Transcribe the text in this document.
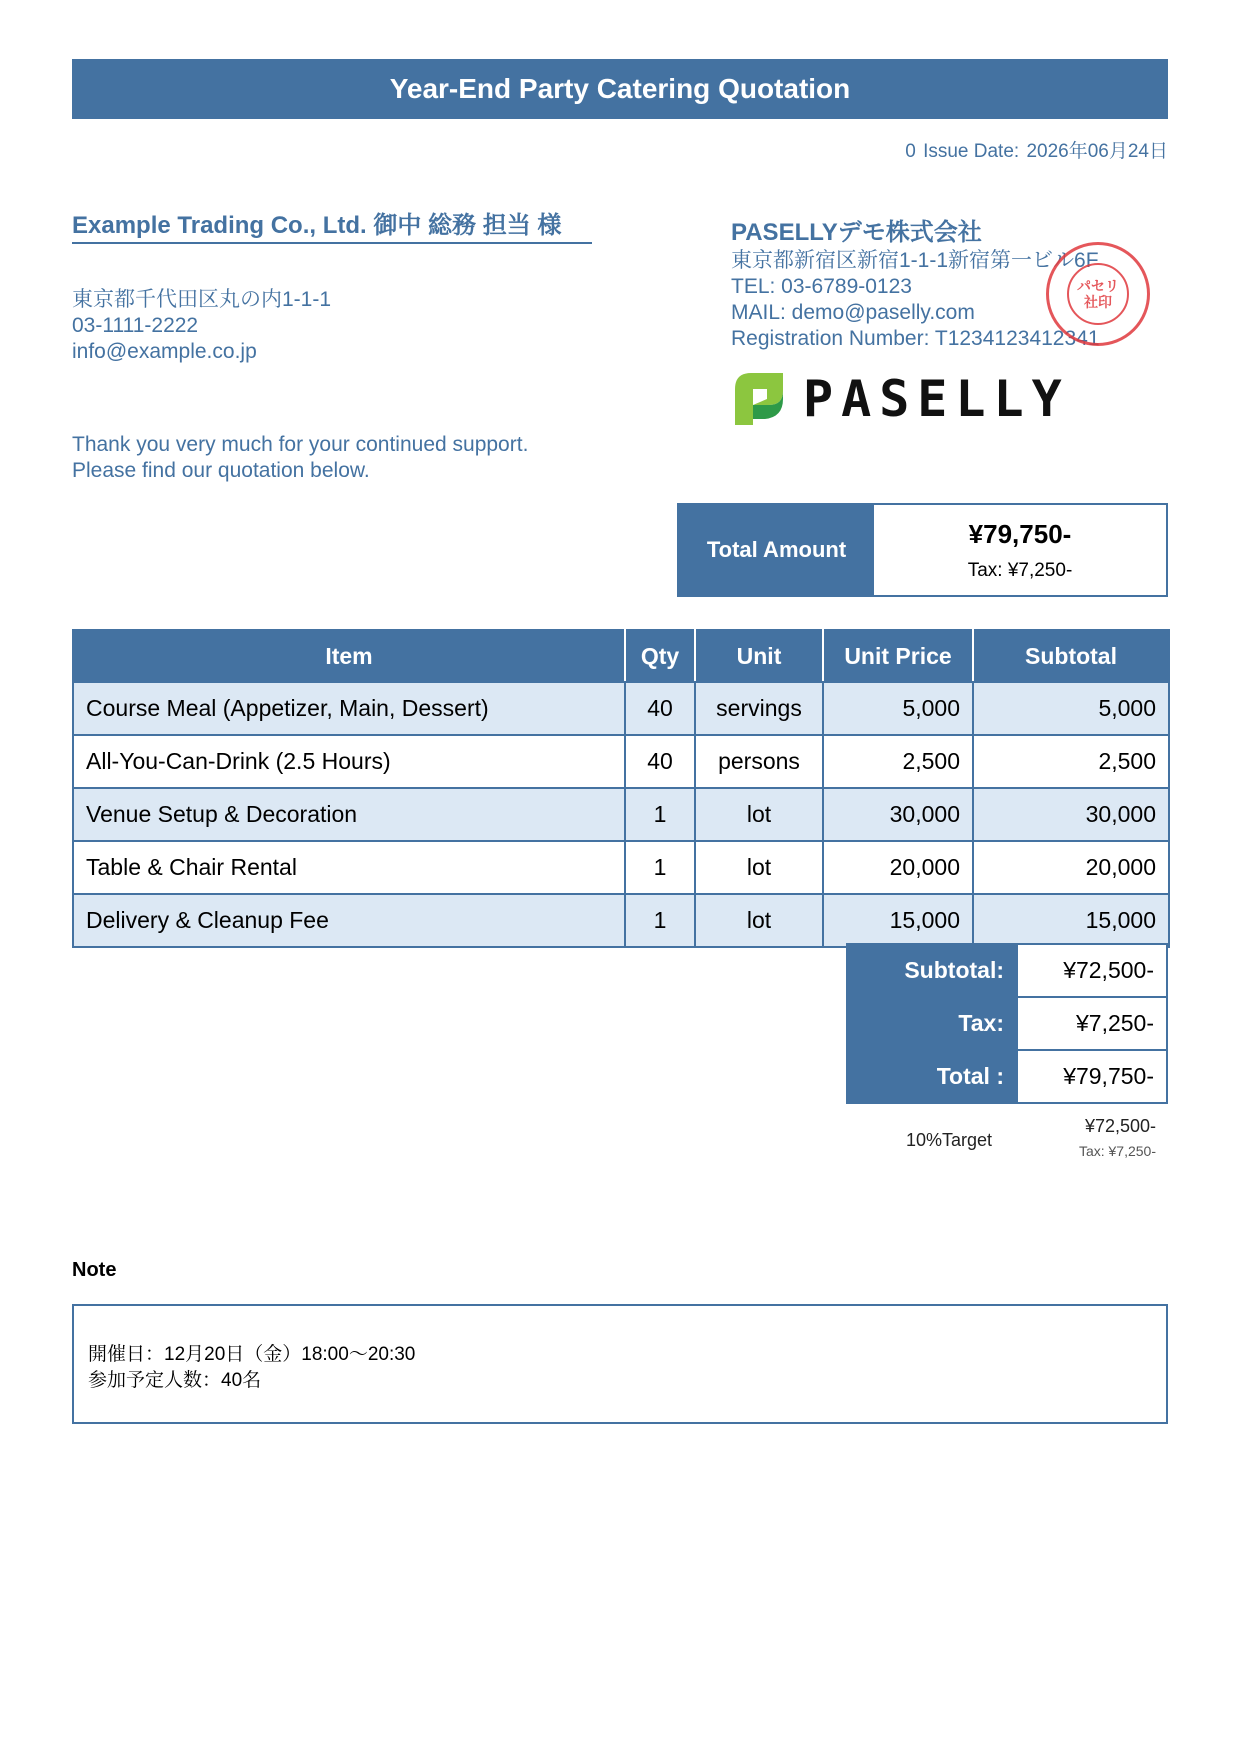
Year-End Party Catering Quotation
0 Issue Date: 2026年06月24日
Example Trading Co., Ltd. 御中 総務 担当 様
東京都千代田区丸の内1-1-1
03-1111-2222
info@example.co.jp
Thank you very much for your continued support.
Please find our quotation below.
PASELLYデモ株式会社
東京都新宿区新宿1-1-1新宿第一ビル6F
TEL: 03-6789-0123
MAIL: demo@paselly.com
Registration Number: T1234123412341
パセリ
社印
PASELLY
Total Amount
¥79,750-
Tax: ¥7,250-
Item	Qty	Unit	Unit Price	Subtotal
Course Meal (Appetizer, Main, Dessert)	40	servings	5,000	5,000
All-You-Can-Drink (2.5 Hours)	40	persons	2,500	2,500
Venue Setup & Decoration	1	lot	30,000	30,000
Table & Chair Rental	1	lot	20,000	20,000
Delivery & Cleanup Fee	1	lot	15,000	15,000
Subtotal:	¥72,500-
Tax:	¥7,250-
Total :	¥79,750-
10%Target
¥72,500-
Tax: ¥7,250-
Note
開催日：12月20日（金）18:00〜20:30
参加予定人数：40名
